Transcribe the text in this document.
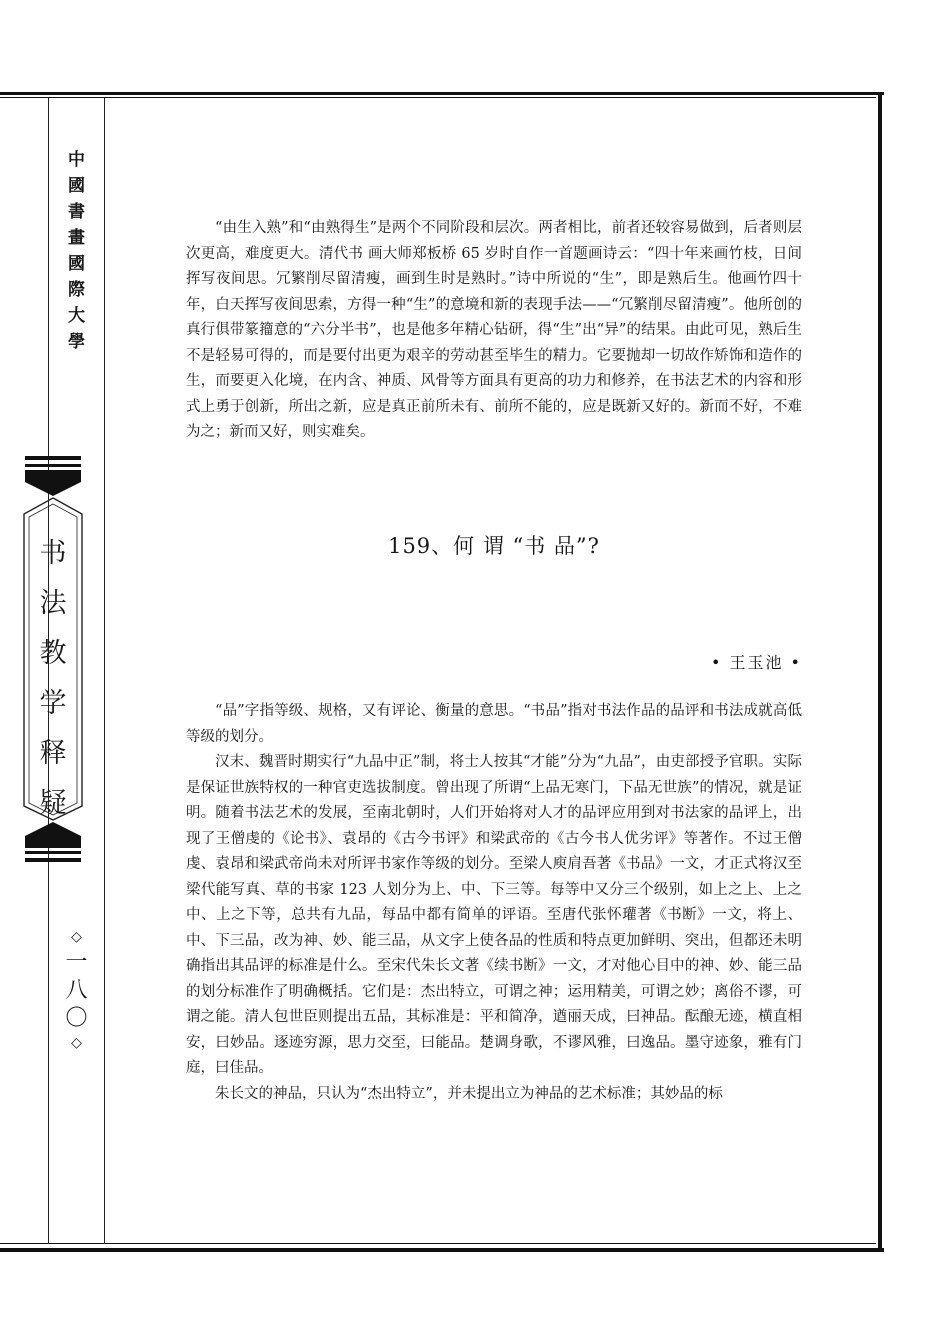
中
國
書
畫
國
際
大
學
书
法
教
学
释
疑
◇
一
八
〇
◇

“由生入熟”和“由熟得生”是两个不同阶段和层次。两者相比，前者还较容易做到，后者则层次更高，难度更大。清代书 画大师郑板桥 65 岁时自作一首题画诗云：“四十年来画竹枝，日间挥写夜间思。冗繁削尽留清瘦，画到生时是熟时。”诗中所说的“生”，即是熟后生。他画竹四十年，白天挥写夜间思索，方得一种“生”的意境和新的表现手法——“冗繁削尽留清瘦”。他所创的真行俱带篆籀意的“六分半书”，也是他多年精心钻研，得“生”出“异”的结果。由此可见，熟后生不是轻易可得的，而是要付出更为艰辛的劳动甚至毕生的精力。它要抛却一切故作矫饰和造作的生，而要更入化境，在内含、神质、风骨等方面具有更高的功力和修养，在书法艺术的内容和形式上勇于创新，所出之新，应是真正前所未有、前所不能的，应是既新又好的。新而不好，不难为之；新而又好，则实难矣。

159、何 谓 “书 品”?
• 王玉池 •

“品”字指等级、规格，又有评论、衡量的意思。“书品”指对书法作品的品评和书法成就高低等级的划分。

汉末、魏晋时期实行“九品中正”制，将士人按其“才能”分为“九品”，由吏部授予官职。实际是保证世族特权的一种官吏选拔制度。曾出现了所谓“上品无寒门，下品无世族”的情况，就是证明。随着书法艺术的发展，至南北朝时，人们开始将对人才的品评应用到对书法家的品评上，出现了王僧虔的《论书》、袁昂的《古今书评》和梁武帝的《古今书人优劣评》等著作。不过王僧虔、袁昂和梁武帝尚未对所评书家作等级的划分。至梁人庾肩吾著《书品》一文，才正式将汉至梁代能写真、草的书家 123 人划分为上、中、下三等。每等中又分三个级别，如上之上、上之中、上之下等，总共有九品，每品中都有简单的评语。至唐代张怀瓘著《书断》一文，将上、中、下三品，改为神、妙、能三品，从文字上使各品的性质和特点更加鲜明、突出，但都还未明确指出其品评的标准是什么。至宋代朱长文著《续书断》一文，才对他心目中的神、妙、能三品的划分标准作了明确概括。它们是：杰出特立，可谓之神；运用精美，可谓之妙；离俗不谬，可谓之能。清人包世臣则提出五品，其标准是：平和简净，遒丽天成，曰神品。酝酿无迹，横直相安，曰妙品。逐迹穷源，思力交至，曰能品。楚调身歌，不谬风雅，曰逸品。墨守迹象，雅有门庭，曰佳品。

朱长文的神品，只认为“杰出特立”，并未提出立为神品的艺术标准；其妙品的标
